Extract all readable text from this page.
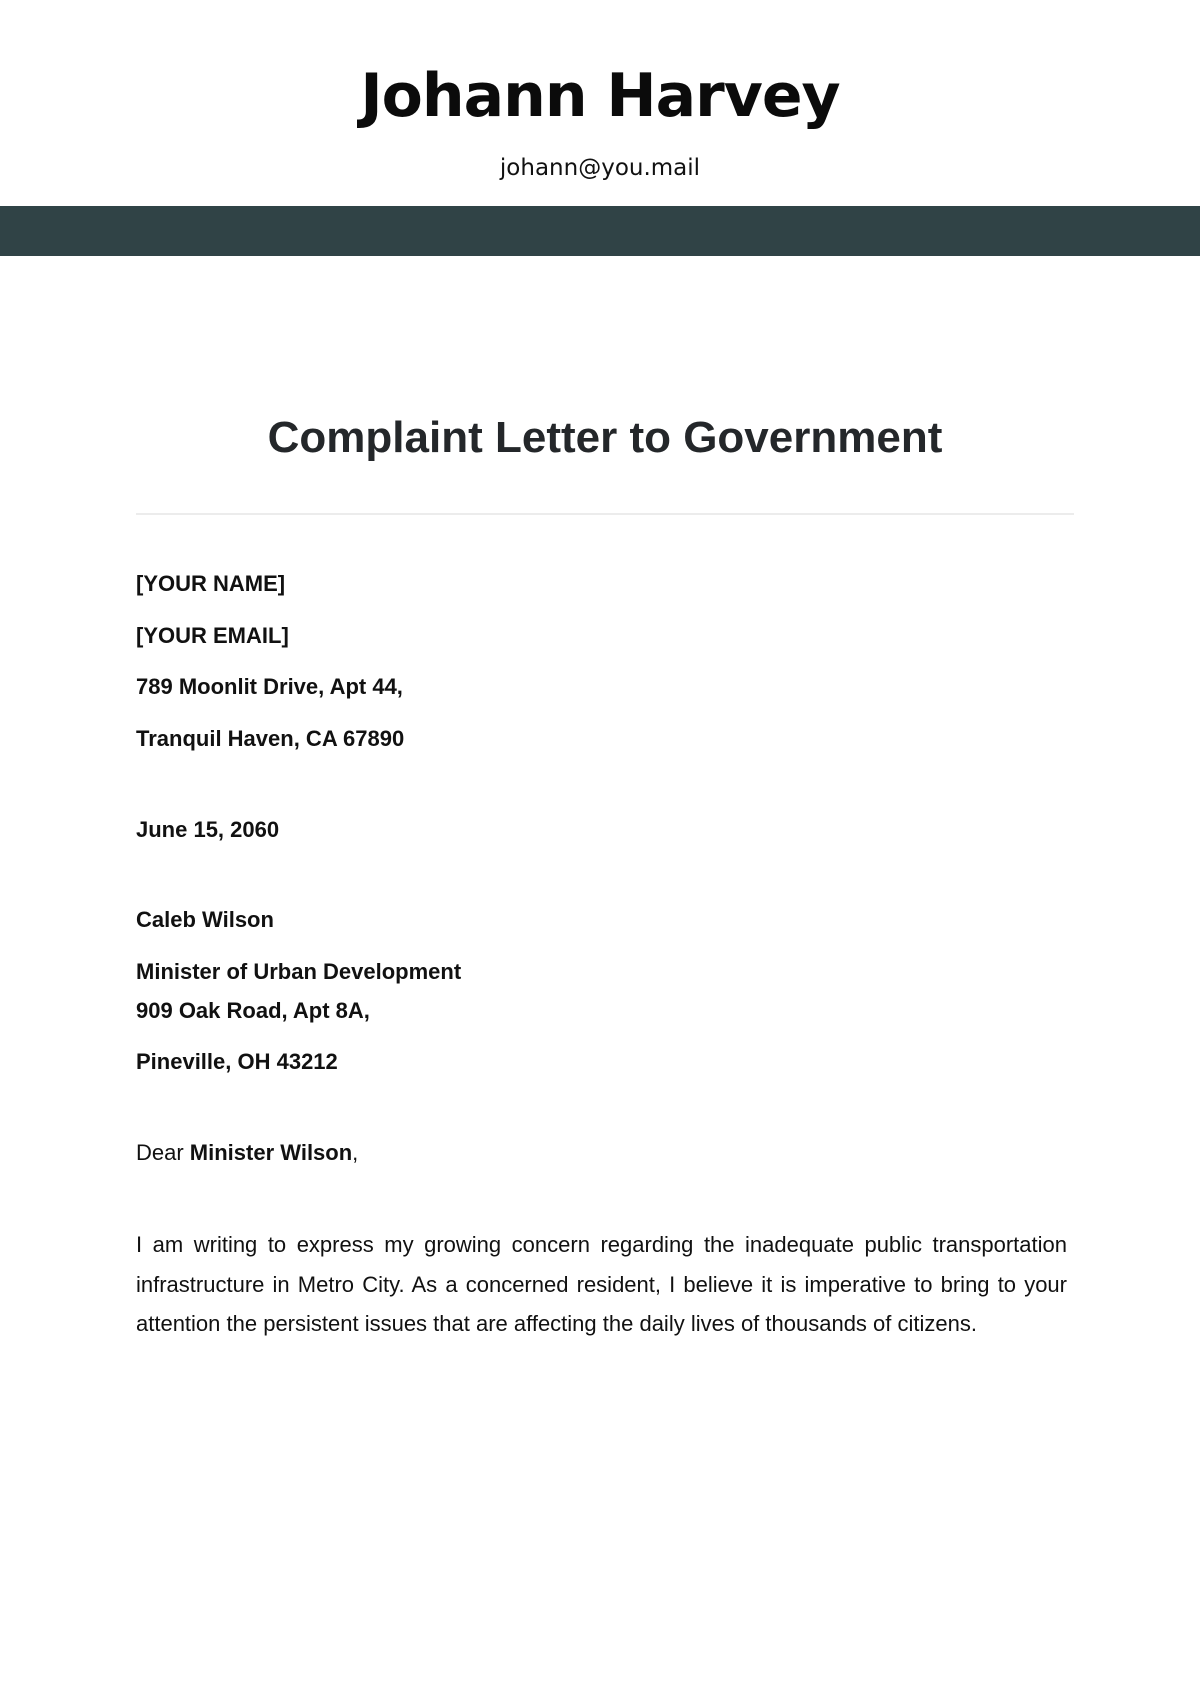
Johann Harvey
johann@you.mail
Complaint Letter to Government
[YOUR NAME]
[YOUR EMAIL]
789 Moonlit Drive, Apt 44,
Tranquil Haven, CA 67890
June 15, 2060
Caleb Wilson
Minister of Urban Development
909 Oak Road, Apt 8A,
Pineville, OH 43212
Dear Minister Wilson,
I am writing to express my growing concern regarding the inadequate public transportation infrastructure in Metro City. As a concerned resident, I believe it is imperative to bring to your attention the persistent issues that are affecting the daily lives of thousands of citizens.
